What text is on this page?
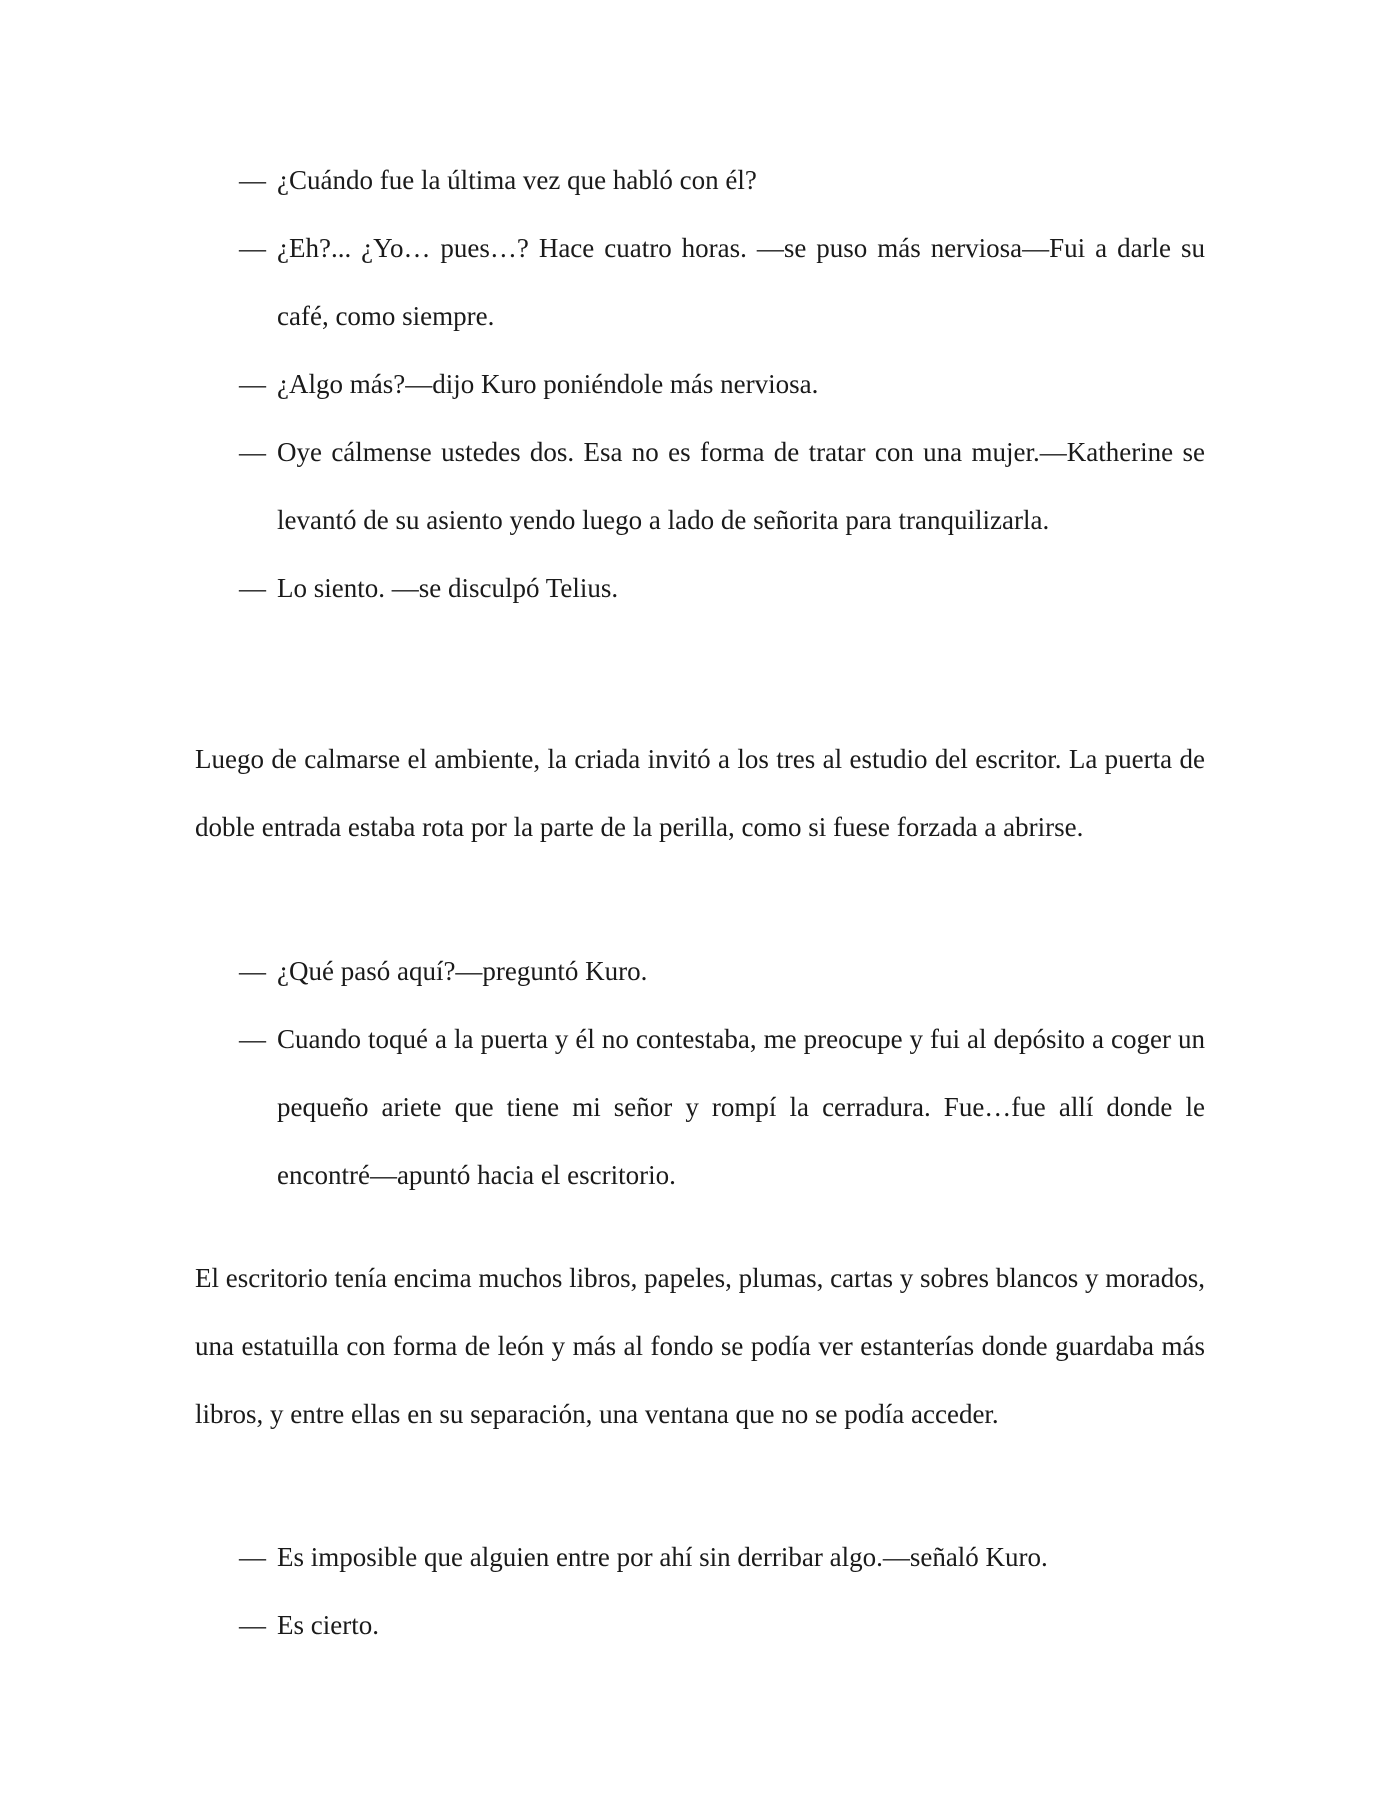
— ¿Cuándo fue la última vez que habló con él?
— ¿Eh?... ¿Yo… pues…? Hace cuatro horas. —se puso más nerviosa—Fui a darle su café, como siempre.
— ¿Algo más?—dijo Kuro poniéndole más nerviosa.
— Oye cálmense ustedes dos. Esa no es forma de tratar con una mujer.—Katherine se levantó de su asiento yendo luego a lado de señorita para tranquilizarla.
— Lo siento. —se disculpó Telius.

Luego de calmarse el ambiente, la criada invitó a los tres al estudio del escritor. La puerta de doble entrada estaba rota por la parte de la perilla, como si fuese forzada a abrirse.

— ¿Qué pasó aquí?—preguntó Kuro.
— Cuando toqué a la puerta y él no contestaba, me preocupe y fui al depósito a coger un pequeño ariete que tiene mi señor y rompí la cerradura. Fue…fue allí donde le encontré—apuntó hacia el escritorio.

El escritorio tenía encima muchos libros, papeles, plumas, cartas y sobres blancos y morados, una estatuilla con forma de león y más al fondo se podía ver estanterías donde guardaba más libros, y entre ellas en su separación, una ventana que no se podía acceder.

— Es imposible que alguien entre por ahí sin derribar algo.—señaló Kuro.
— Es cierto.
